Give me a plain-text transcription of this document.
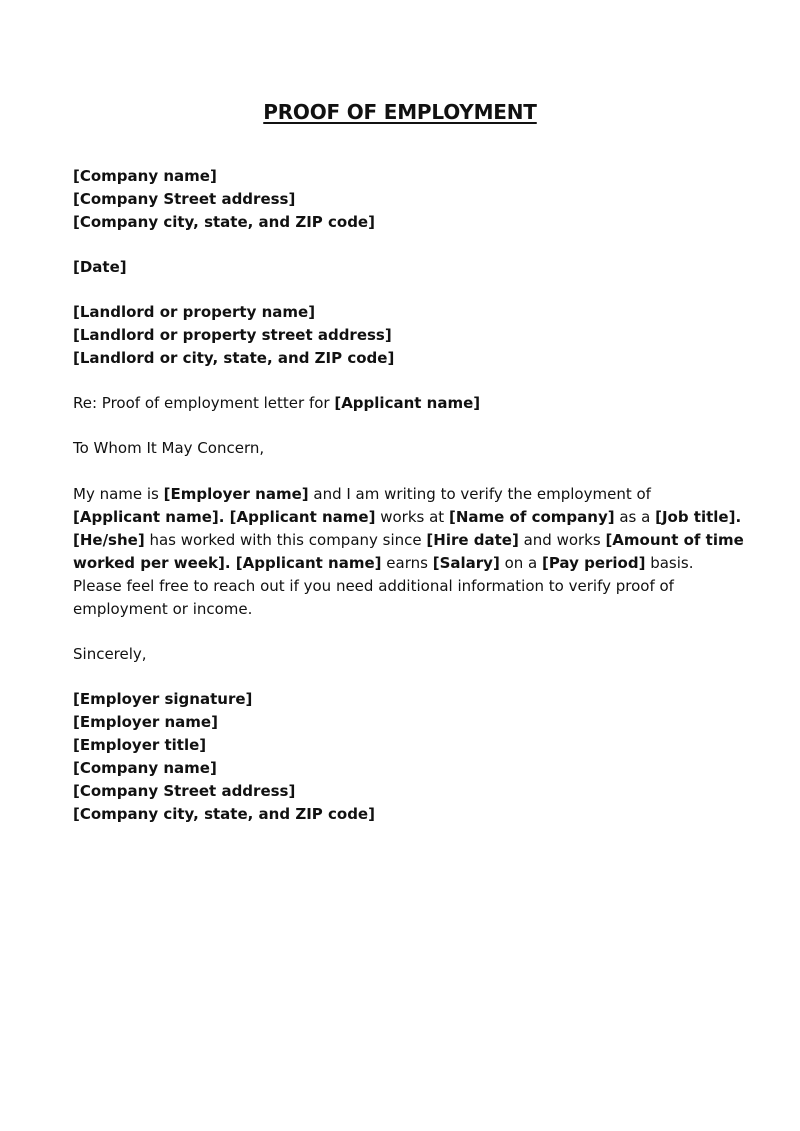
PROOF OF EMPLOYMENT
[Company name]
[Company Street address]
[Company city, state, and ZIP code]
[Date]
[Landlord or property name]
[Landlord or property street address]
[Landlord or city, state, and ZIP code]
Re: Proof of employment letter for [Applicant name]
To Whom It May Concern,
My name is [Employer name] and I am writing to verify the employment of
[Applicant name]. [Applicant name] works at [Name of company] as a [Job title].
[He/she] has worked with this company since [Hire date] and works [Amount of time
worked per week]. [Applicant name] earns [Salary] on a [Pay period] basis.
Please feel free to reach out if you need additional information to verify proof of
employment or income.
Sincerely,
[Employer signature]
[Employer name]
[Employer title]
[Company name]
[Company Street address]
[Company city, state, and ZIP code]
